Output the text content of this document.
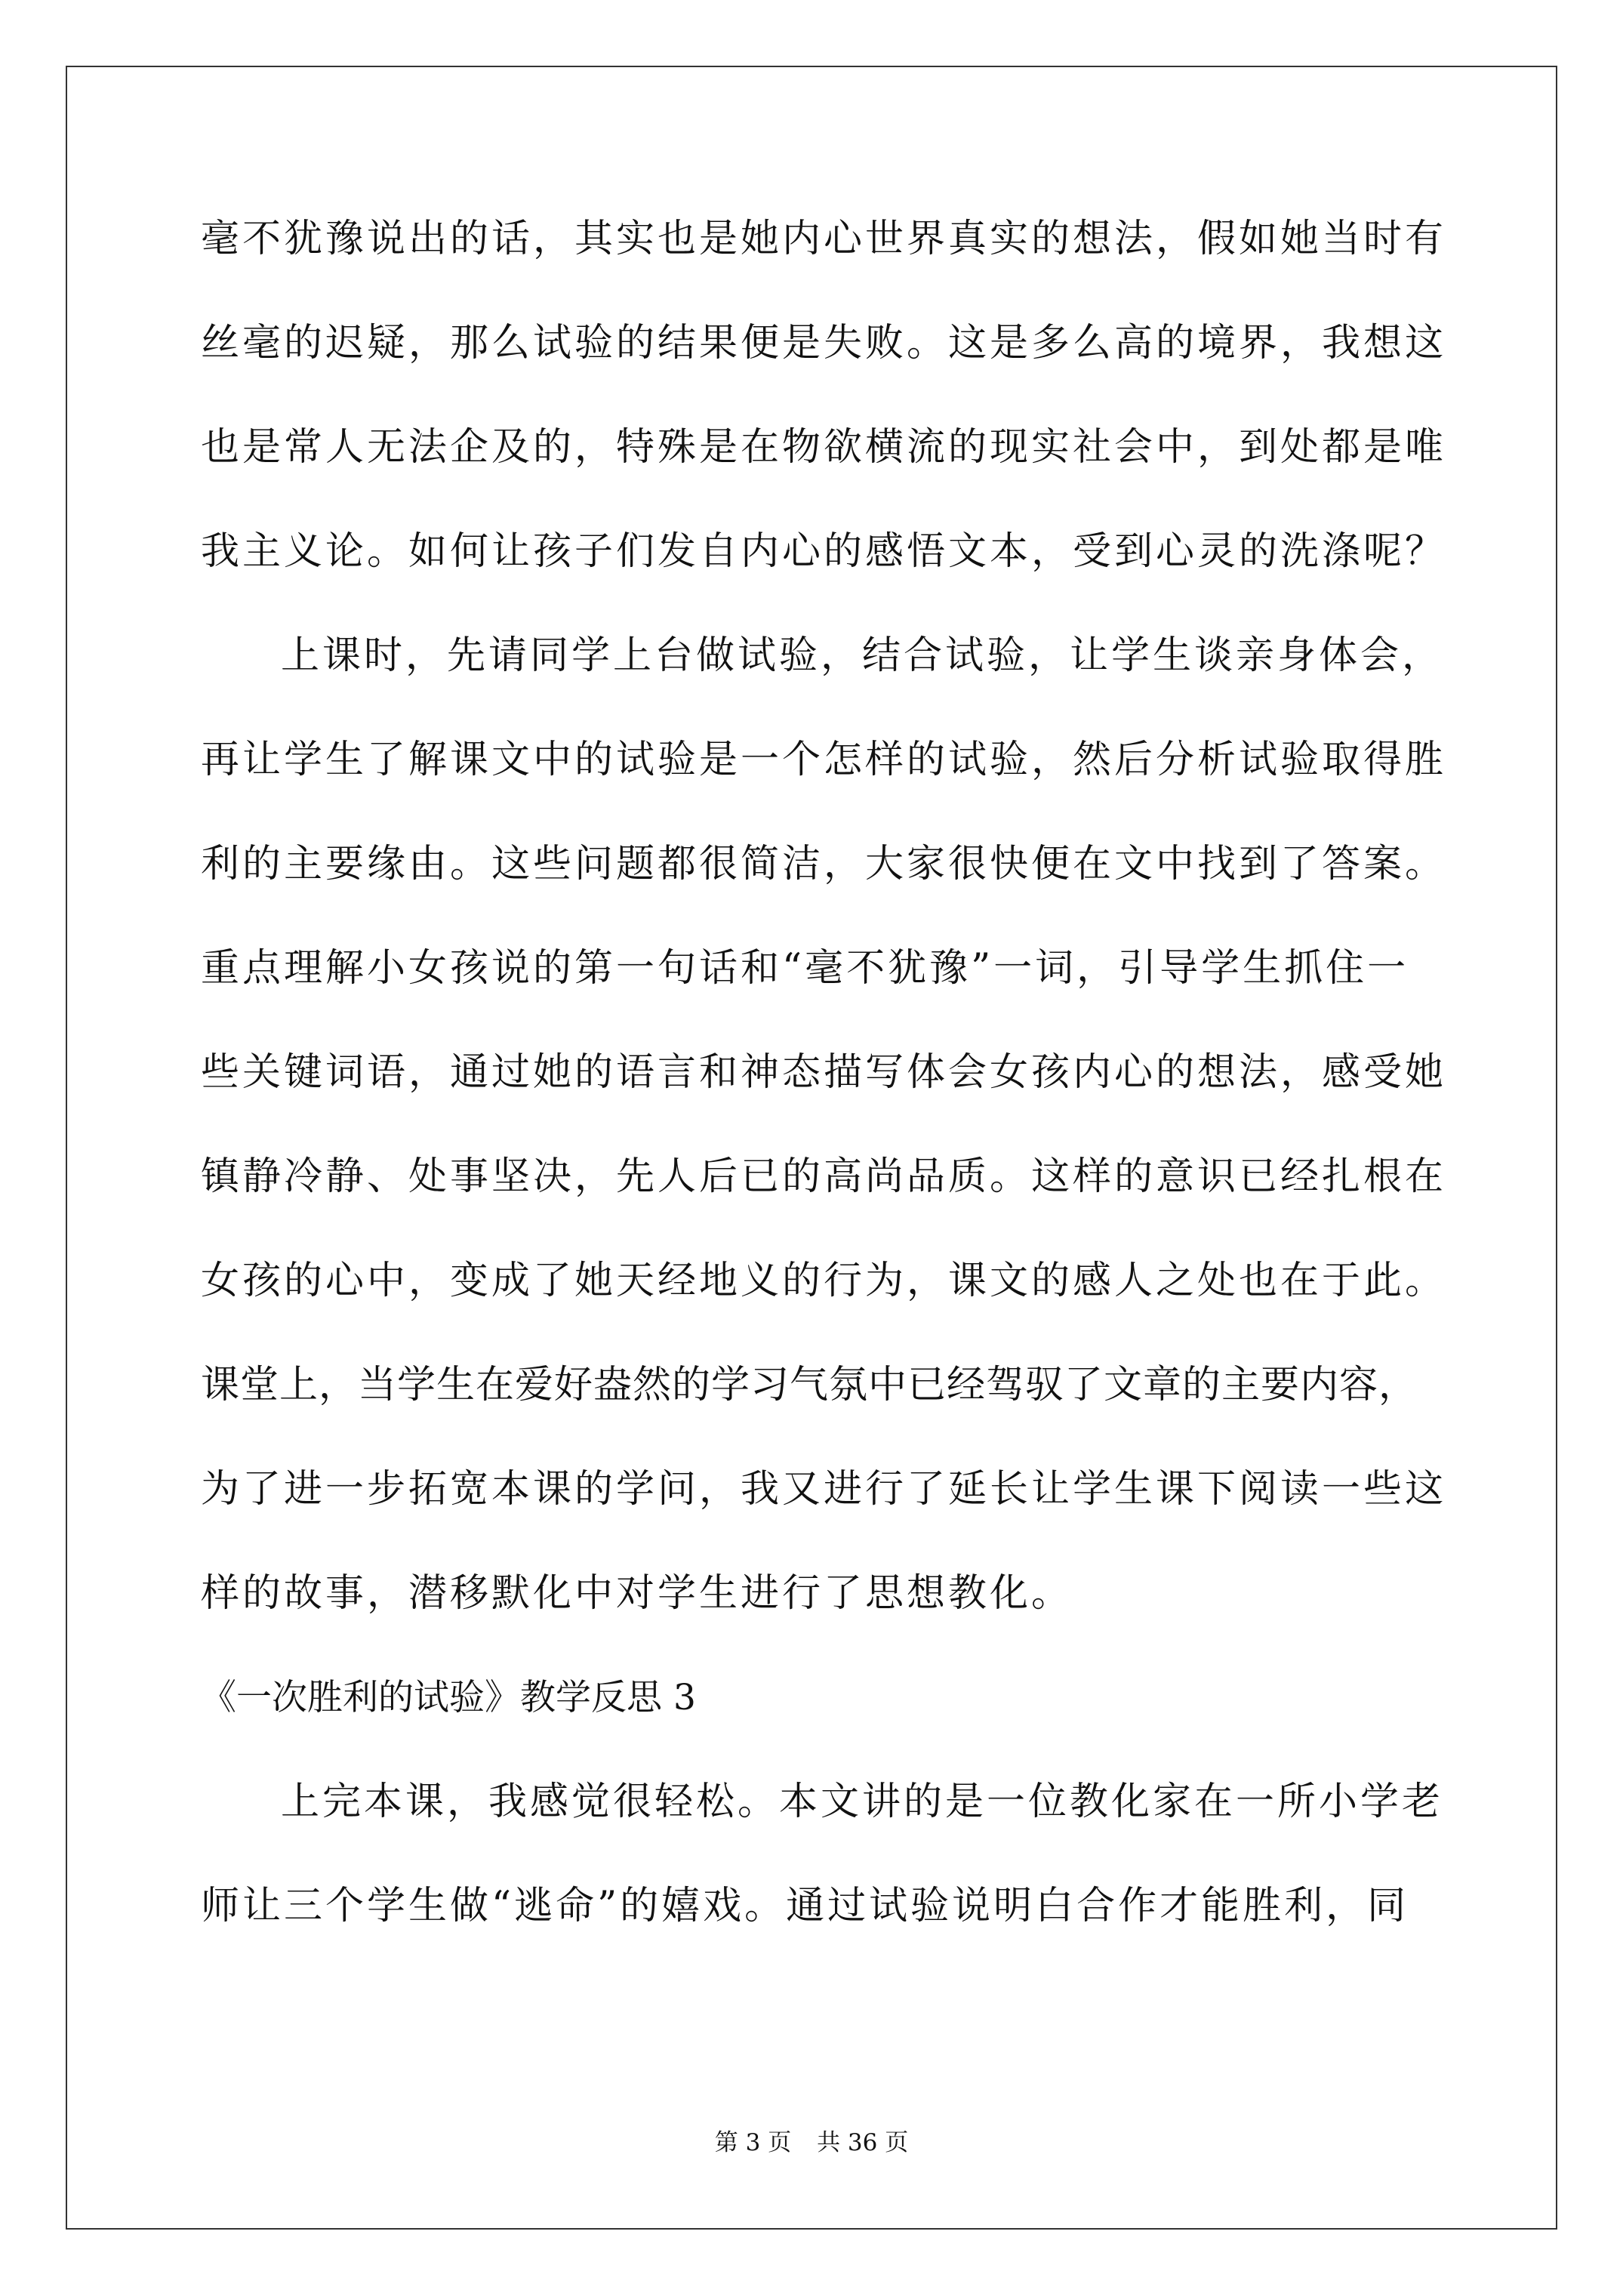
毫不犹豫说出的话，其实也是她内心世界真实的想法，假如她当时有
丝毫的迟疑，那么试验的结果便是失败。这是多么高的境界，我想这
也是常人无法企及的，特殊是在物欲横流的现实社会中，到处都是唯
我主义论。如何让孩子们发自内心的感悟文本，受到心灵的洗涤呢？
上课时，先请同学上台做试验，结合试验，让学生谈亲身体会，
再让学生了解课文中的试验是一个怎样的试验，然后分析试验取得胜
利的主要缘由。这些问题都很简洁，大家很快便在文中找到了答案。
重点理解小女孩说的第一句话和“毫不犹豫”一词，引导学生抓住一
些关键词语，通过她的语言和神态描写体会女孩内心的想法，感受她
镇静冷静、处事坚决，先人后已的高尚品质。这样的意识已经扎根在
女孩的心中，变成了她天经地义的行为，课文的感人之处也在于此。
课堂上，当学生在爱好盎然的学习气氛中已经驾驭了文章的主要内容，
为了进一步拓宽本课的学问，我又进行了延长让学生课下阅读一些这
样的故事，潜移默化中对学生进行了思想教化。
《一次胜利的试验》教学反思 3
上完本课，我感觉很轻松。本文讲的是一位教化家在一所小学老
师让三个学生做“逃命”的嬉戏。通过试验说明白合作才能胜利，同
第 3 页 共 36 页
